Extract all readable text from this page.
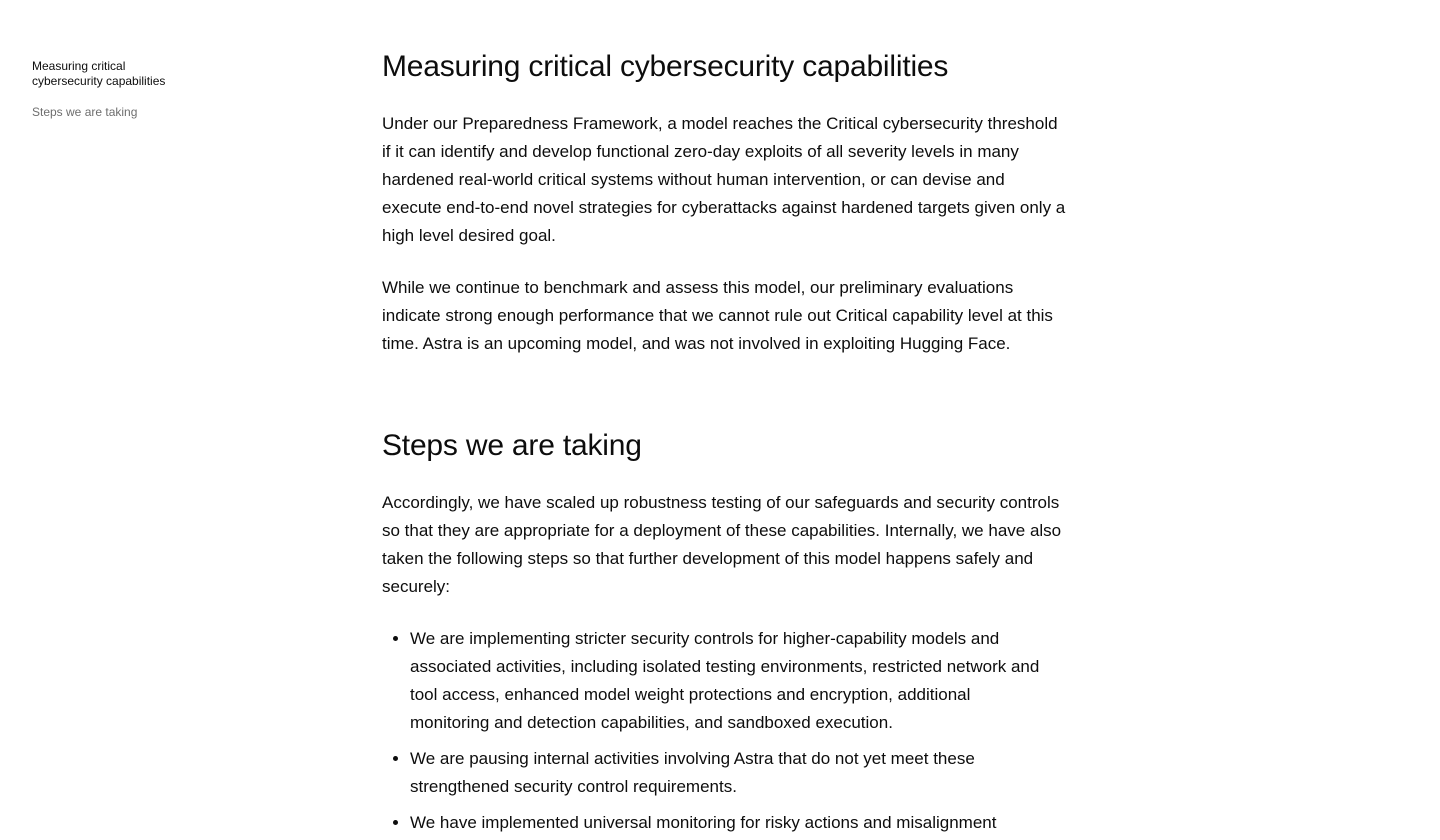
Measuring critical cybersecurity capabilities
Steps we are taking
Measuring critical cybersecurity capabilities

Under our Preparedness Framework, a model reaches the Critical cybersecurity threshold if it can identify and develop functional zero-day exploits of all severity levels in many hardened real-world critical systems without human intervention, or can devise and execute end-to-end novel strategies for cyberattacks against hardened targets given only a high level desired goal.

While we continue to benchmark and assess this model, our preliminary evaluations indicate strong enough performance that we cannot rule out Critical capability level at this time. Astra is an upcoming model, and was not involved in exploiting Hugging Face.

Steps we are taking

Accordingly, we have scaled up robustness testing of our safeguards and security controls so that they are appropriate for a deployment of these capabilities. Internally, we have also taken the following steps so that further development of this model happens safely and securely:

• We are implementing stricter security controls for higher-capability models and associated activities, including isolated testing environments, restricted network and tool access, enhanced model weight protections and encryption, additional monitoring and detection capabilities, and sandboxed execution.
• We are pausing internal activities involving Astra that do not yet meet these strengthened security control requirements.
• We have implemented universal monitoring for risky actions and misalignment
